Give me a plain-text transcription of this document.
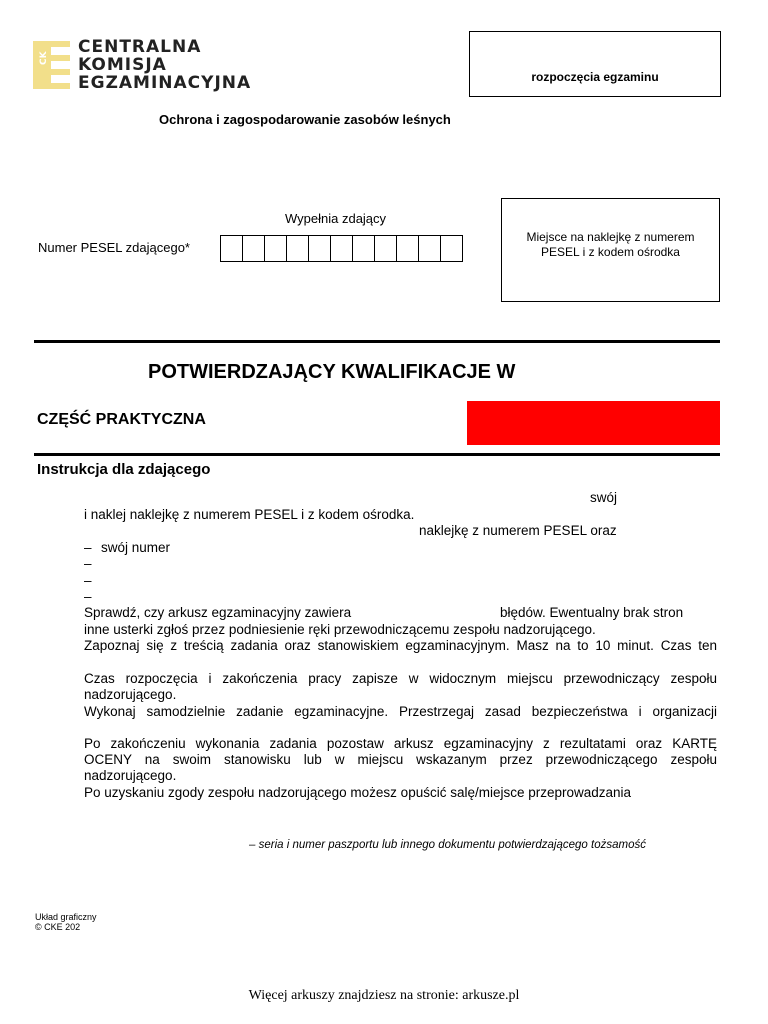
CK
CENTRALNA
KOMISJA
EGZAMINACYJNA	rozpoczęcia egzaminu
Ochrona i zagospodarowanie zasobów leśnych
Wypełnia zdający
Numer PESEL zdającego*
Miejsce na naklejkę z numerem PESEL i z kodem ośrodka
POTWIERDZAJĄCY KWALIFIKACJE W
CZĘŚĆ PRAKTYCZNA
Instrukcja dla zdającego
swój
i naklej naklejkę z numerem PESEL i z kodem ośrodka.
naklejkę z numerem PESEL oraz
– swój numer
–
–
–
Sprawdź, czy arkusz egzaminacyjny zawiera	błędów. Ewentualny brak stron
inne usterki zgłoś przez podniesienie ręki przewodniczącemu zespołu nadzorującego.
Zapoznaj się z treścią zadania oraz stanowiskiem egzaminacyjnym. Masz na to 10 minut. Czas ten
Czas rozpoczęcia i zakończenia pracy zapisze w widocznym miejscu przewodniczący zespołu
nadzorującego.
Wykonaj samodzielnie zadanie egzaminacyjne. Przestrzegaj zasad bezpieczeństwa i organizacji
Po zakończeniu wykonania zadania pozostaw arkusz egzaminacyjny z rezultatami oraz KARTĘ
OCENY na swoim stanowisku lub w miejscu wskazanym przez przewodniczącego zespołu
nadzorującego.
Po uzyskaniu zgody zespołu nadzorującego możesz opuścić salę/miejsce przeprowadzania
– seria i numer paszportu lub innego dokumentu potwierdzającego tożsamość
Układ graficzny
© CKE 202
Więcej arkuszy znajdziesz na stronie: arkusze.pl
